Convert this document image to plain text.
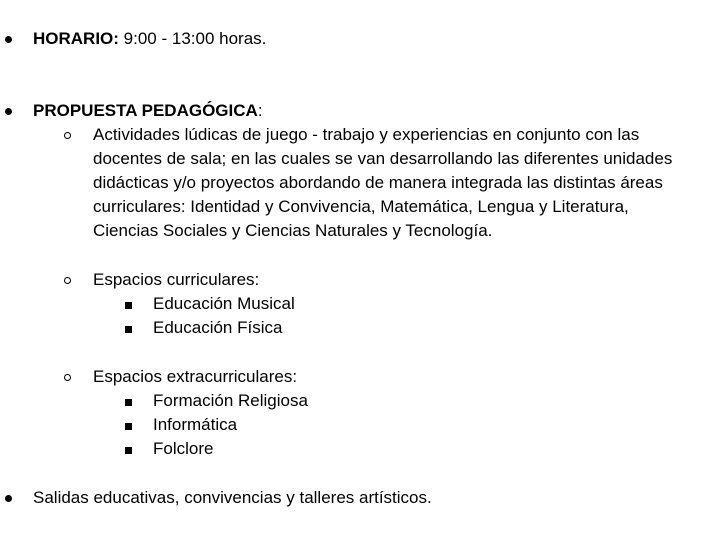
HORARIO: 9:00 - 13:00 horas.
PROPUESTA PEDAGÓGICA:
Actividades lúdicas de juego - trabajo y experiencias en conjunto con las
docentes de sala; en las cuales se van desarrollando las diferentes unidades
didácticas y/o proyectos abordando de manera integrada las distintas áreas
curriculares: Identidad y Convivencia, Matemática, Lengua y Literatura,
Ciencias Sociales y Ciencias Naturales y Tecnología.
Espacios curriculares:
Educación Musical
Educación Física
Espacios extracurriculares:
Formación Religiosa
Informática
Folclore
Salidas educativas, convivencias y talleres artísticos.
